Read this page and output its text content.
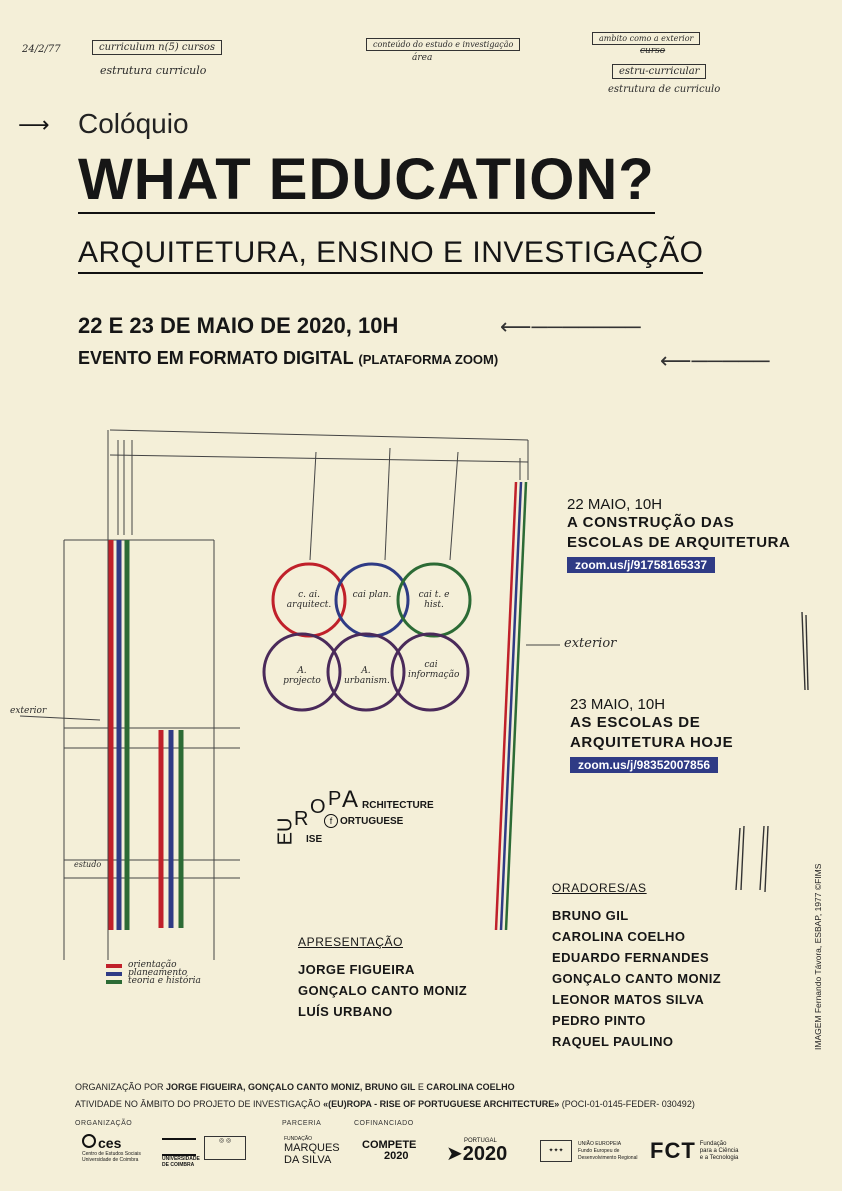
24/2/77	curriculum n(5) cursos
estrutura curriculo
conteúdo do estudo e investigação
área
ambito como a exterior
curso
estru-curricular
estrutura de curriculo
⟶ Colóquio
WHAT EDUCATION?
ARQUITETURA, ENSINO E INVESTIGAÇÃO
22 E 23 DE MAIO DE 2020, 10H	⟵───────
EVENTO EM FORMATO DIGITAL (PLATAFORMA ZOOM)	⟵─────
c. ai. arquitect.
cai plan.	cai t. e hist.
A. projecto
A. urbanism.
cai informação
exterior
exterior
estudo
orientação
planeamento
teoria e história
22 MAIO, 10H
A CONSTRUÇÃO DAS
ESCOLAS DE ARQUITETURA
zoom.us/j/91758165337
23 MAIO, 10H
AS ESCOLAS DE
ARQUITETURA HOJE
zoom.us/j/98352007856
EU
R
O P A RCHITECTURE
ORTUGUESE
ISE
f
ORADORES/AS
BRUNO GIL
CAROLINA COELHO
EDUARDO FERNANDES
GONÇALO CANTO MONIZ
LEONOR MATOS SILVA
PEDRO PINTO
RAQUEL PAULINO
APRESENTAÇÃO
JORGE FIGUEIRA
GONÇALO CANTO MONIZ
LUÍS URBANO	IMAGEM Fernando Távora, ESBAP, 1977 ©FIMS
ORGANIZAÇÃO POR JORGE FIGUEIRA, GONÇALO CANTO MONIZ, BRUNO GIL E CAROLINA COELHO
ATIVIDADE NO ÂMBITO DO PROJETO DE INVESTIGAÇÃO «(EU)ROPA - RISE OF PORTUGUESE ARCHITECTURE» (POCI-01-0145-FEDER- 030492)
ORGANIZAÇÃO	PARCERIA	COFINANCIADO
ces
Centro de Estudos Sociais
Universidade de Coimbra	UNIVERSIDADE DE COIMBRA
◎ ◎	FUNDAÇÃO
MARQUES
DA SILVA
COMPETE
2020
PORTUGAL
➤2020	✦✦✦
UNIÃO EUROPEIA
Fundo Europeu de Desenvolvimento Regional FCT Fundação
para a Ciência
e a Tecnologia
